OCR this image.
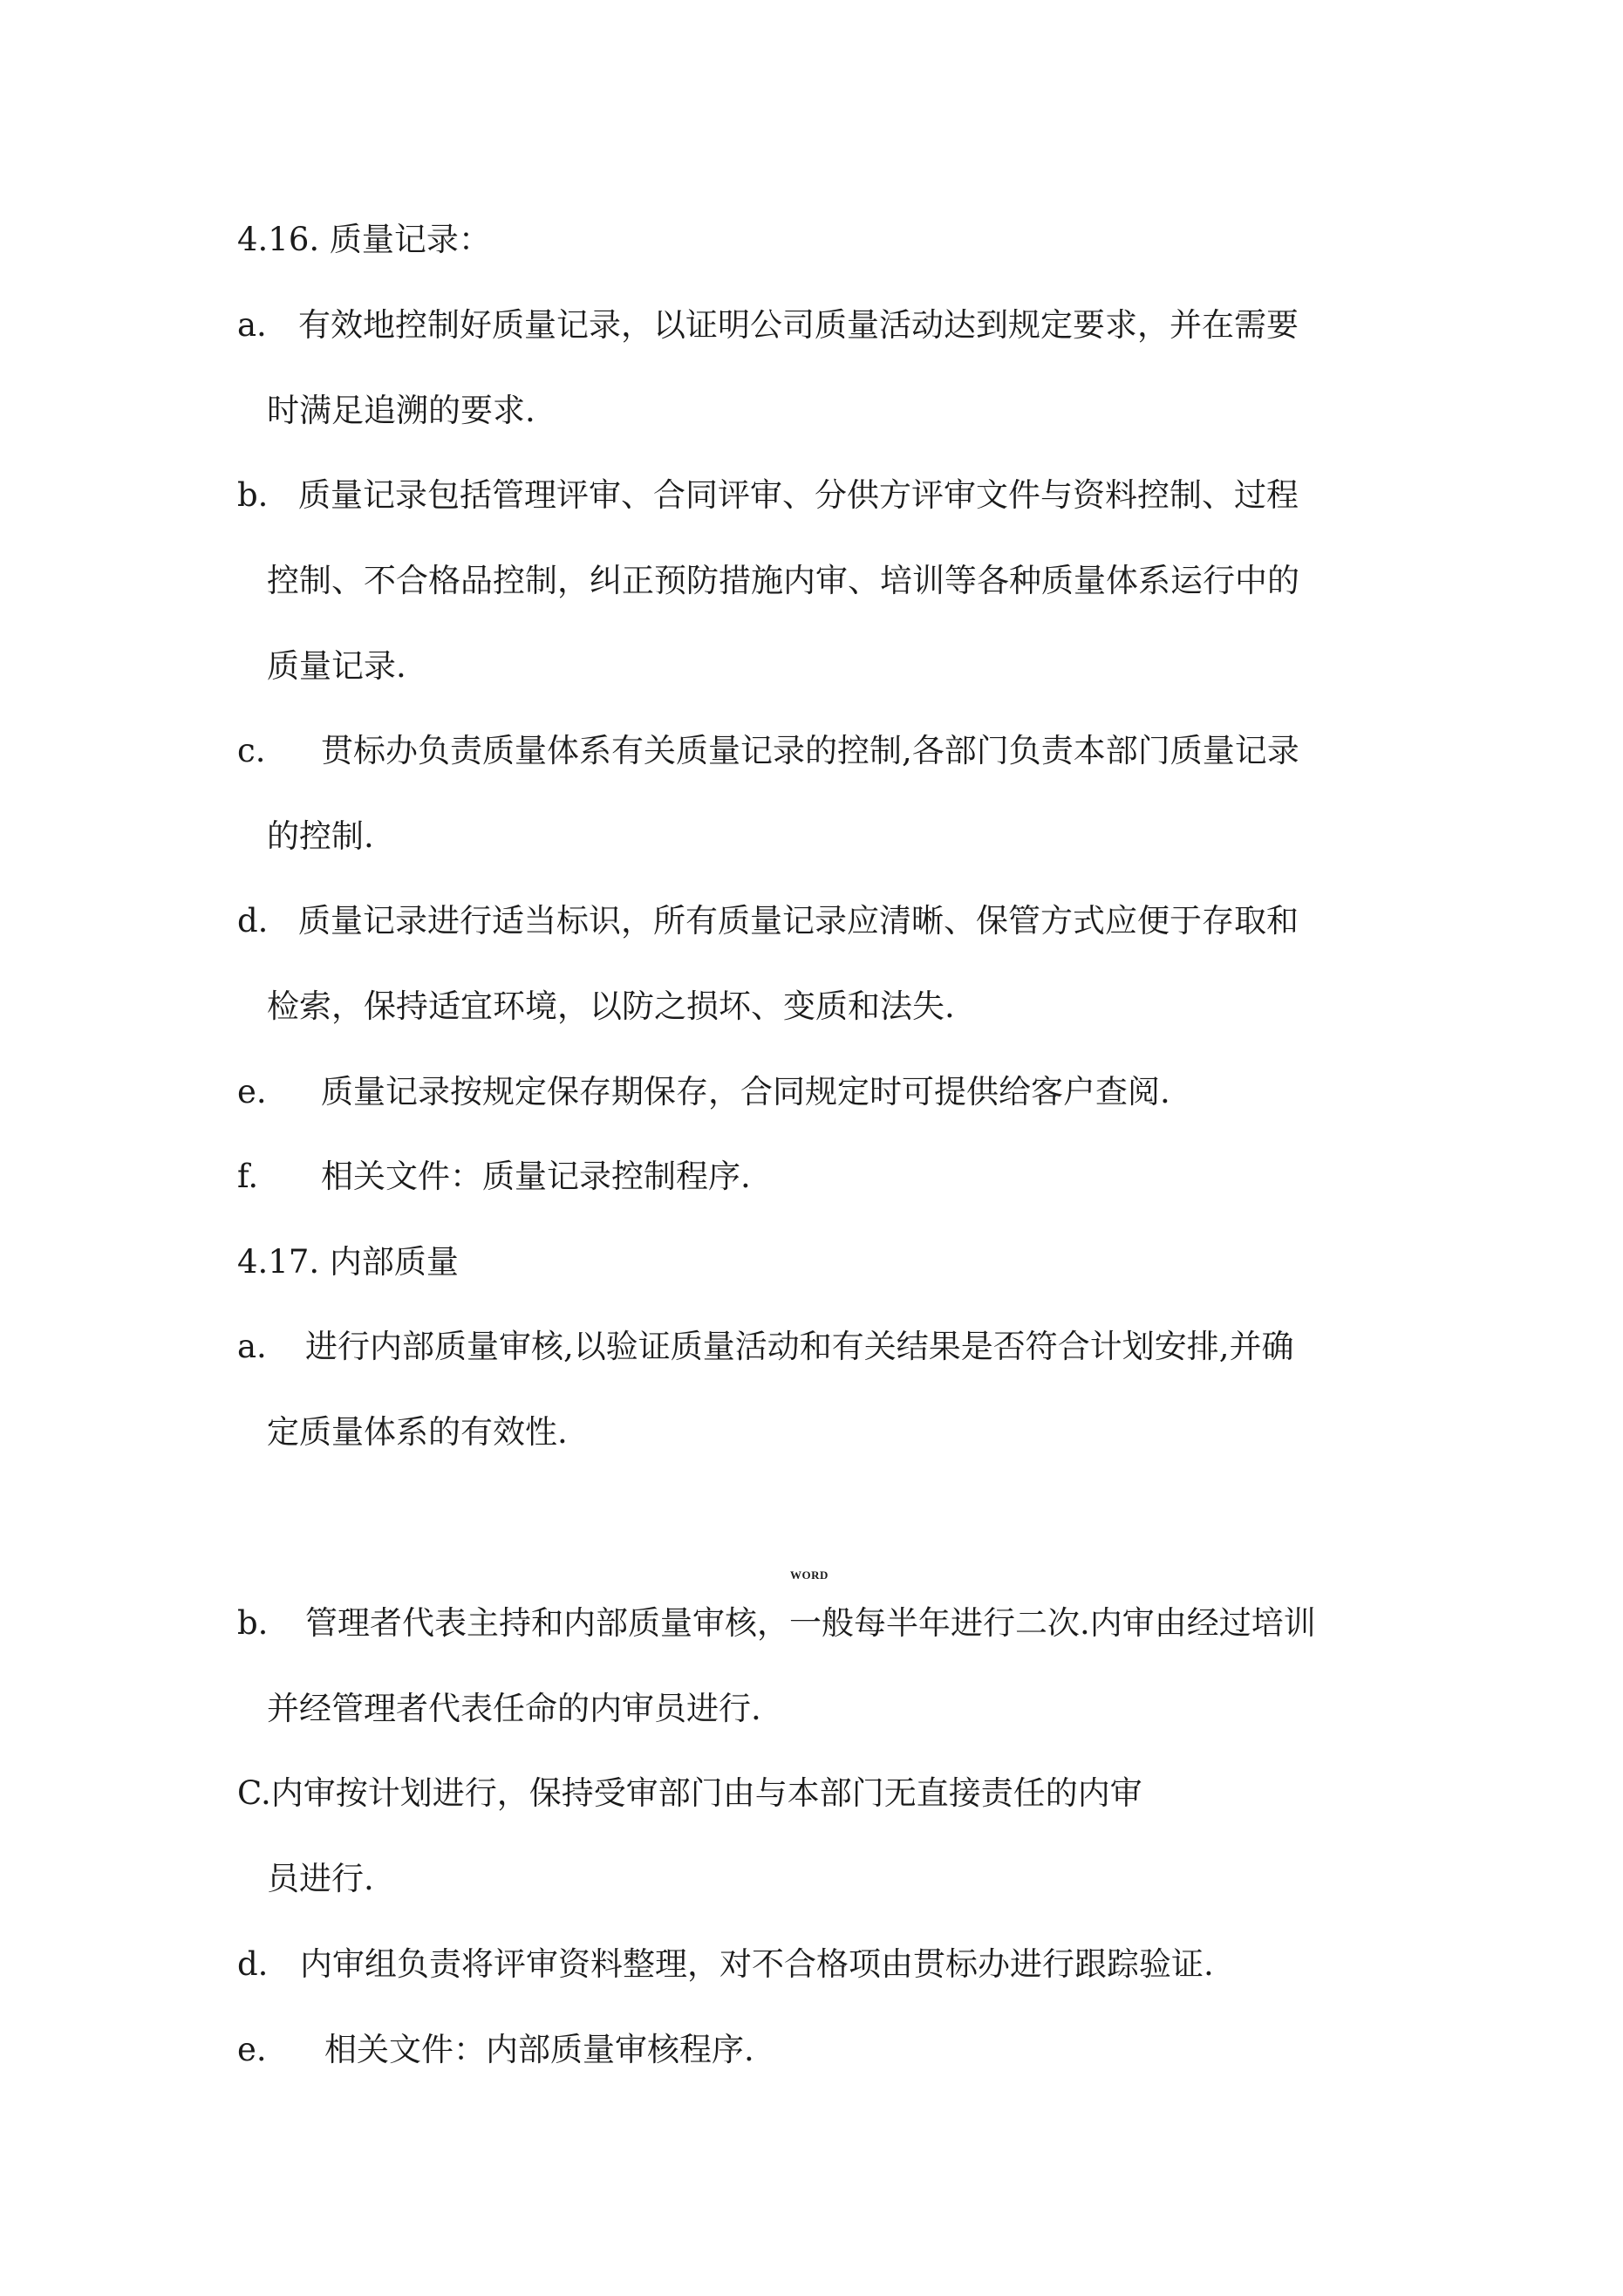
4.16. 质量记录：
a. 有效地控制好质量记录，以证明公司质量活动达到规定要求，并在需要
时满足追溯的要求.
b. 质量记录包括管理评审、合同评审、分供方评审文件与资料控制、过程
控制、不合格品控制，纠正预防措施内审、培训等各种质量体系运行中的
质量记录.
c. 贯标办负责质量体系有关质量记录的控制,各部门负责本部门质量记录
的控制.
d. 质量记录进行适当标识，所有质量记录应清晰、保管方式应便于存取和
检索，保持适宜环境，以防之损坏、变质和法失.
e. 质量记录按规定保存期保存，合同规定时可提供给客户查阅.
f. 相关文件：质量记录控制程序.
4.17. 内部质量
a. 进行内部质量审核,以验证质量活动和有关结果是否符合计划安排,并确
定质量体系的有效性.
WORD
b. 管理者代表主持和内部质量审核，一般每半年进行二次.内审由经过培训
并经管理者代表任命的内审员进行.
C.内审按计划进行，保持受审部门由与本部门无直接责任的内审
员进行.
d. 内审组负责将评审资料整理，对不合格项由贯标办进行跟踪验证.
e. 相关文件：内部质量审核程序.
